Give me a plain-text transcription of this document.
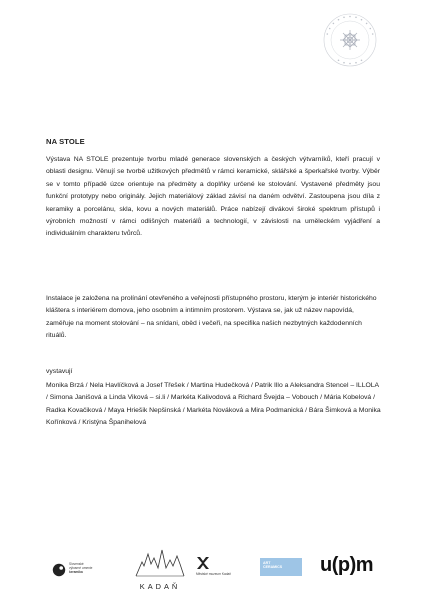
NA STOLE
Výstava NA STOLE prezentuje tvorbu mladé generace slovenských a českých výtvarníků, kteří pracují v oblasti designu. Věnují se tvorbě užitkových předmětů v rámci keramické, sklářské a šperkařské tvorby. Výběr se v tomto případě úzce orientuje na předměty a doplňky určené ke stolování. Vystavené předměty jsou funkční prototypy nebo originály. Jejich materiálový základ závisí na daném odvětví. Zastoupena jsou díla z keramiky a porcelánu, skla, kovu a nových materiálů. Práce nabízejí divákovi široké spektrum přístupů i výrobních možností v rámci odlišných materiálů a technologií, v závislosti na uměleckém vyjádření a individuálním charakteru tvůrců.
Instalace je založena na prolínání otevřeného a veřejnosti přístupného prostoru, kterým je interiér historického kláštera s interiérem domova, jeho osobním a intimním prostorem. Výstava se, jak už název napovídá, zaměřuje na moment stolování – na snídani, oběd i večeři, na specifika našich nezbytných každodenních rituálů.
vystavují
Monika Brzá / Nela Havlíčková a Josef Třešek / Martina Hudečková / Patrik Illo a Aleksandra Stencel – ILLOLA / Simona Janišová a Linda Viková – si.li / Markéta Kalivodová a Richard Švejda – Vobouch / Mária Kobelová / Radka Kovačiková / Maya Hriešik Nepšinská / Markéta Nováková a Mira Podmanická / Bára Šimková a Monika Kořínková / Kristýna Španihelová
Slovenské
výtvarné umenie
keramika
KADAŇ
Městské muzeum Kadaň
ART
CERAMICS u(p)m
